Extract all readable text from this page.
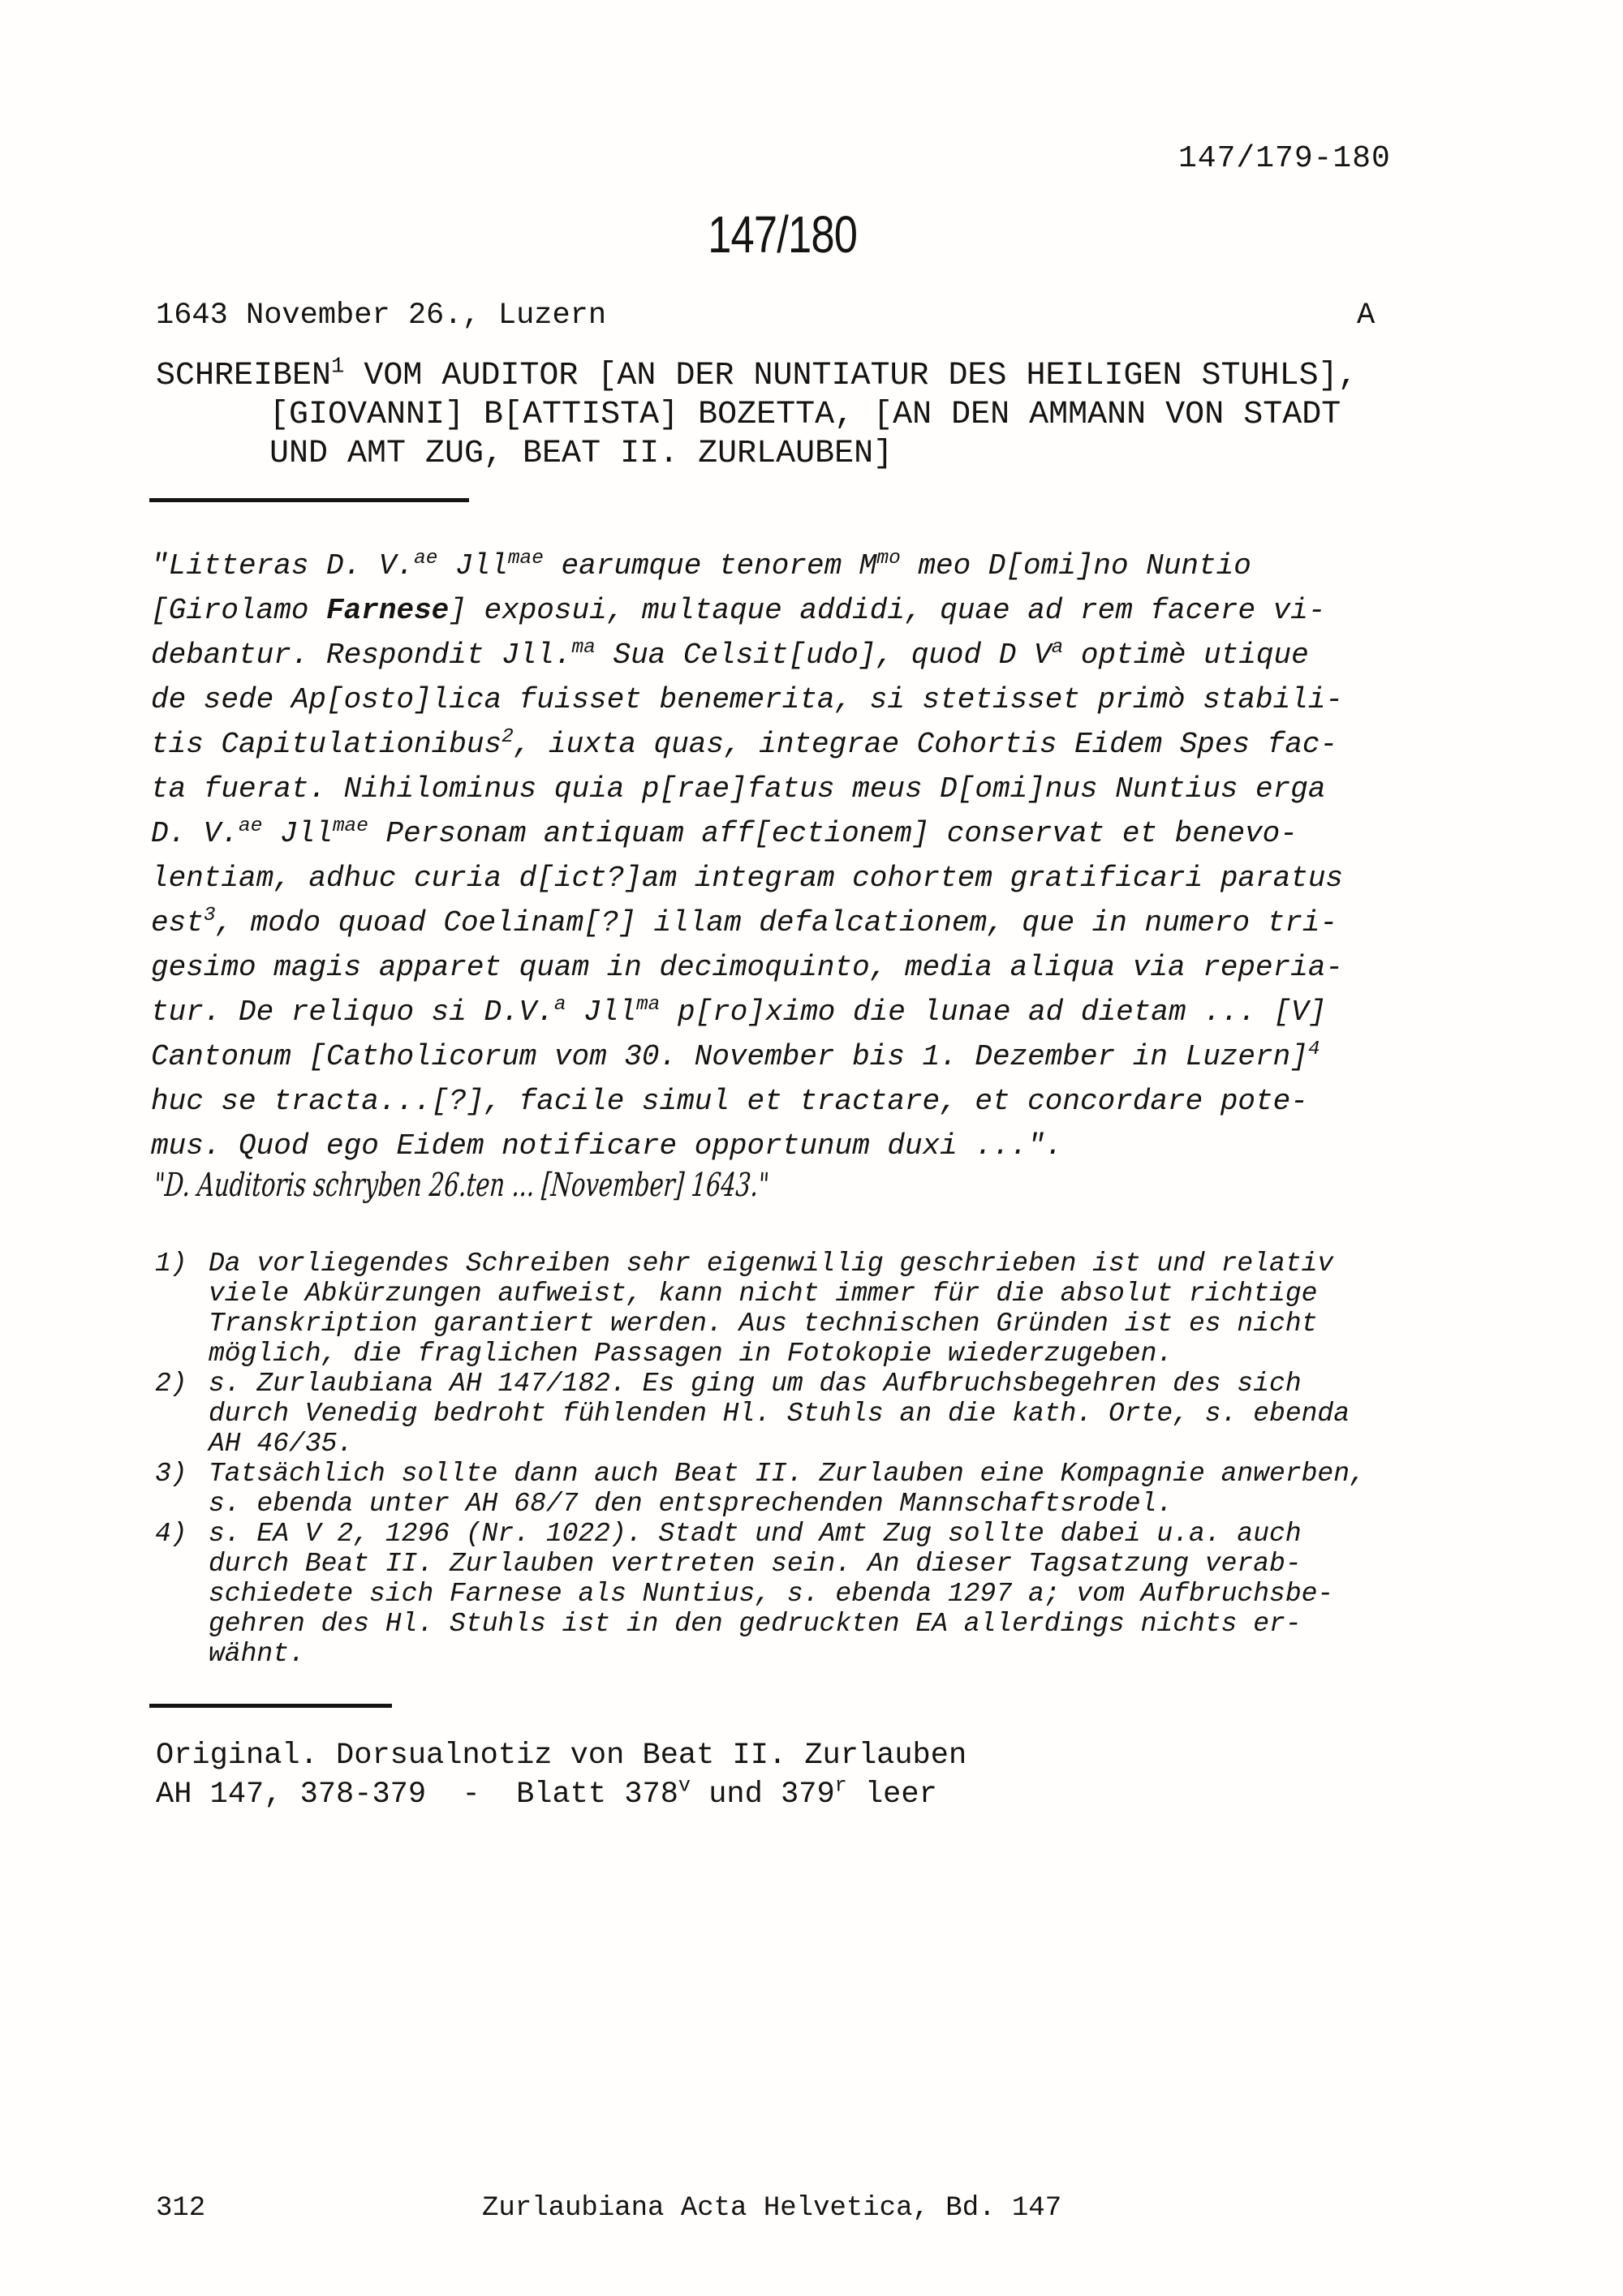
147/179-180
147/180
1643 November 26., Luzern	A
SCHREIBEN$^1$ VOM AUDITOR [AN DER NUNTIATUR DES HEILIGEN STUHLS],
[GIOVANNI] B[ATTISTA] BOZETTA, [AN DEN AMMANN VON STADT
UND AMT ZUG, BEAT II. ZURLAUBEN]
"Litteras D. V.$^{ae}$ Jll$^{mae}$ earumque tenorem $M^{mo}$ meo D[omi]no Nuntio
[Girolamo Farnese] exposui, multaque addidi, quae ad rem facere vi-
debantur. Respondit Jll.$^{ma}$ Sua Celsit[udo], quod D $V^a$ optimè utique
de sede Ap[osto]lica fuisset benemerita, si stetisset primò stabili-
tis Capitulationibus$^2$, iuxta quas, integrae Cohortis Eidem Spes fac-
ta fuerat. Nihilominus quia p[rae]fatus meus D[omi]nus Nuntius erga
D. V.$^{ae}$ Jll$^{mae}$ Personam antiquam aff[ectionem] conservat et benevo-
lentiam, adhuc curia d[ict?]am integram cohortem gratificari paratus
est$^3$, modo quoad Coelinam[?] illam defalcationem, que in numero tri-
gesimo magis apparet quam in decimoquinto, media aliqua via reperia-
tur. De reliquo si D.V.$^a$ Jll$^{ma}$ p[ro]ximo die lunae ad dietam ... [V]
Cantonum [Catholicorum vom 30. November bis 1. Dezember in Luzern]$^4$
huc se tracta...[?], facile simul et tractare, et concordare pote-
mus. Quod ego Eidem notificare opportunum duxi ...".
"D. Auditoris schryben 26.ten ... [November] 1643."
1) Da vorliegendes Schreiben sehr eigenwillig geschrieben ist und relativ
viele Abkürzungen aufweist, kann nicht immer für die absolut richtige
Transkription garantiert werden. Aus technischen Gründen ist es nicht
möglich, die fraglichen Passagen in Fotokopie wiederzugeben.
2) s. Zurlaubiana AH 147/182. Es ging um das Aufbruchsbegehren des sich
durch Venedig bedroht fühlenden Hl. Stuhls an die kath. Orte, s. ebenda
AH 46/35.
3) Tatsächlich sollte dann auch Beat II. Zurlauben eine Kompagnie anwerben,
s. ebenda unter AH 68/7 den entsprechenden Mannschaftsrodel.
4) s. EA V 2, 1296 (Nr. 1022). Stadt und Amt Zug sollte dabei u.a. auch
durch Beat II. Zurlauben vertreten sein. An dieser Tagsatzung verab-
schiedete sich Farnese als Nuntius, s. ebenda 1297 a; vom Aufbruchsbe-
gehren des Hl. Stuhls ist in den gedruckten EA allerdings nichts er-
wähnt.
Original. Dorsualnotiz von Beat II. Zurlauben
AH 147, 378-379  -  Blatt 378$^v$ und 379$^r$ leer
312	Zurlaubiana Acta Helvetica, Bd. 147
